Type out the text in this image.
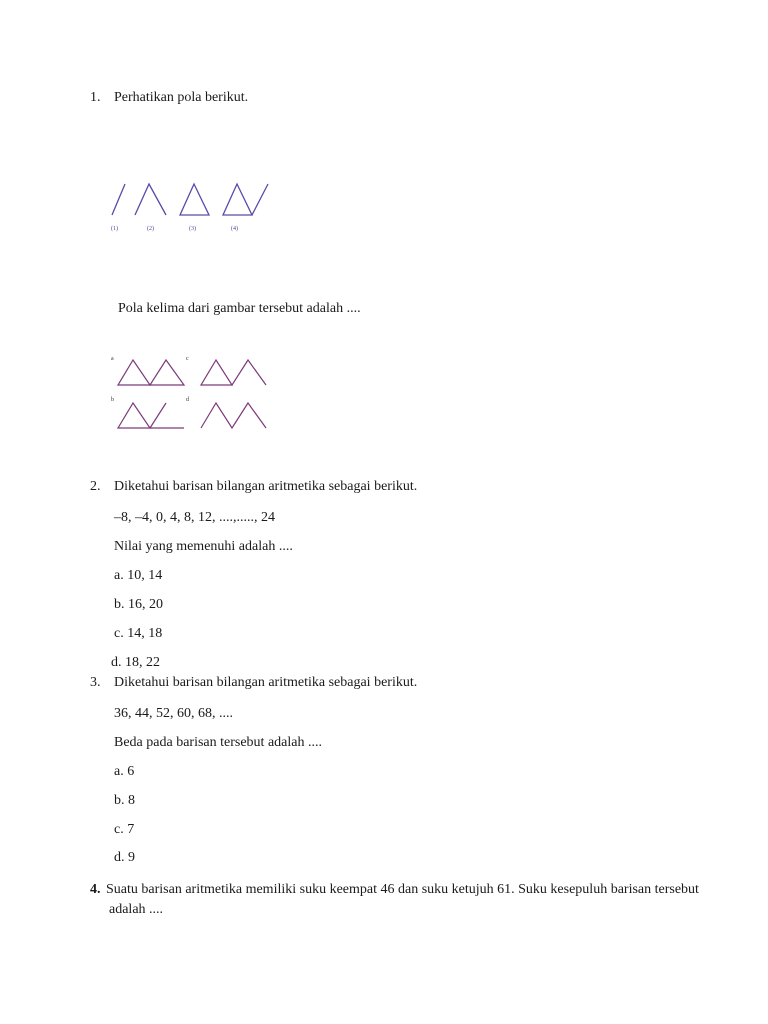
1. Perhatikan pola berikut.
(1)	(2)	(3)	(4)
Pola kelima dari gambar tersebut adalah ....
a	c
b	d
2. Diketahui barisan bilangan aritmetika sebagai berikut.
–8, –4, 0, 4, 8, 12, ....,....., 24
Nilai yang memenuhi adalah ....
a. 10, 14
b. 16, 20
c. 14, 18
d. 18, 22
3. Diketahui barisan bilangan aritmetika sebagai berikut.
36, 44, 52, 60, 68, ....
Beda pada barisan tersebut adalah ....
a. 6
b. 8
c. 7
d. 9
4. Suatu barisan aritmetika memiliki suku keempat 46 dan suku ketujuh 61. Suku kesepuluh barisan tersebut adalah ....
